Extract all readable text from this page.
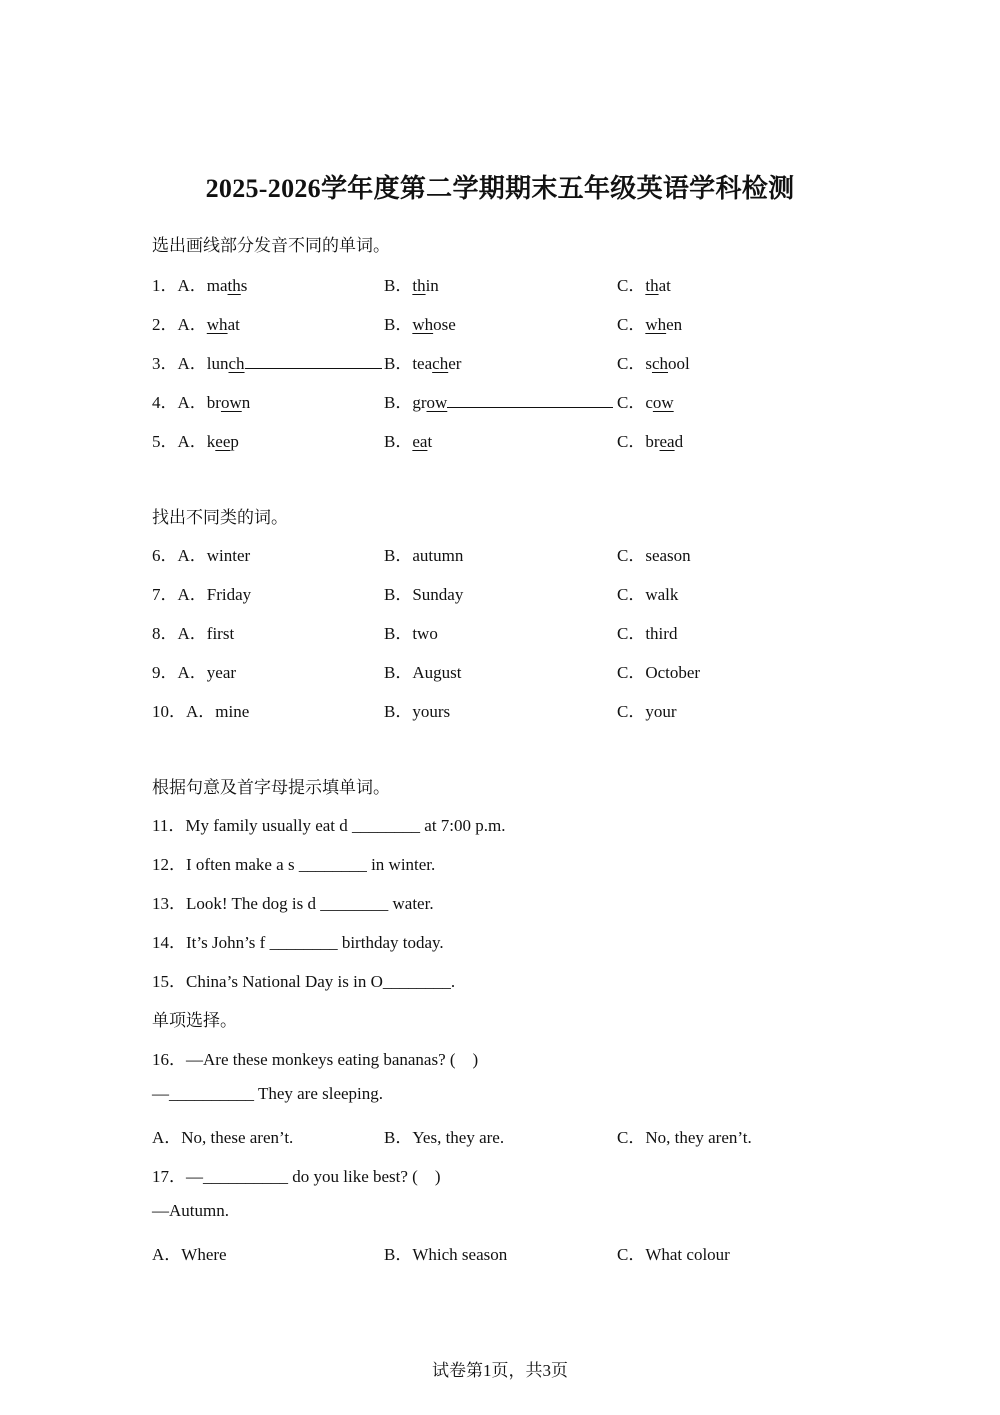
2025-2026学年度第二学期期末五年级英语学科检测
选出画线部分发音不同的单词。
1．A．maths	B．thin	C．that
2．A．what	B．whose	C．when
3．A．lunch	B．teacher	C．school
4．A．brown	B．grow	C．cow
5．A．keep	B．eat	C．bread
找出不同类的词。
6．A．winter	B．autumn	C．season
7．A．Friday	B．Sunday	C．walk
8．A．first	B．two	C．third
9．A．year	B．August	C．October
10．A．mine	B．yours	C．your
根据句意及首字母提示填单词。
11．My family usually eat d ________ at 7:00 p.m.
12．I often make a s ________ in winter.
13．Look! The dog is d ________ water.
14．It’s John’s f ________ birthday today.
15．China’s National Day is in O________.
单项选择。
16．—Are these monkeys eating bananas? (　)
—__________ They are sleeping.
A．No, these aren’t.	B．Yes, they are.	C．No, they aren’t.
17．—__________ do you like best? (　)
—Autumn.
A．Where	B．Which season	C．What colour
试卷第1页，共3页
